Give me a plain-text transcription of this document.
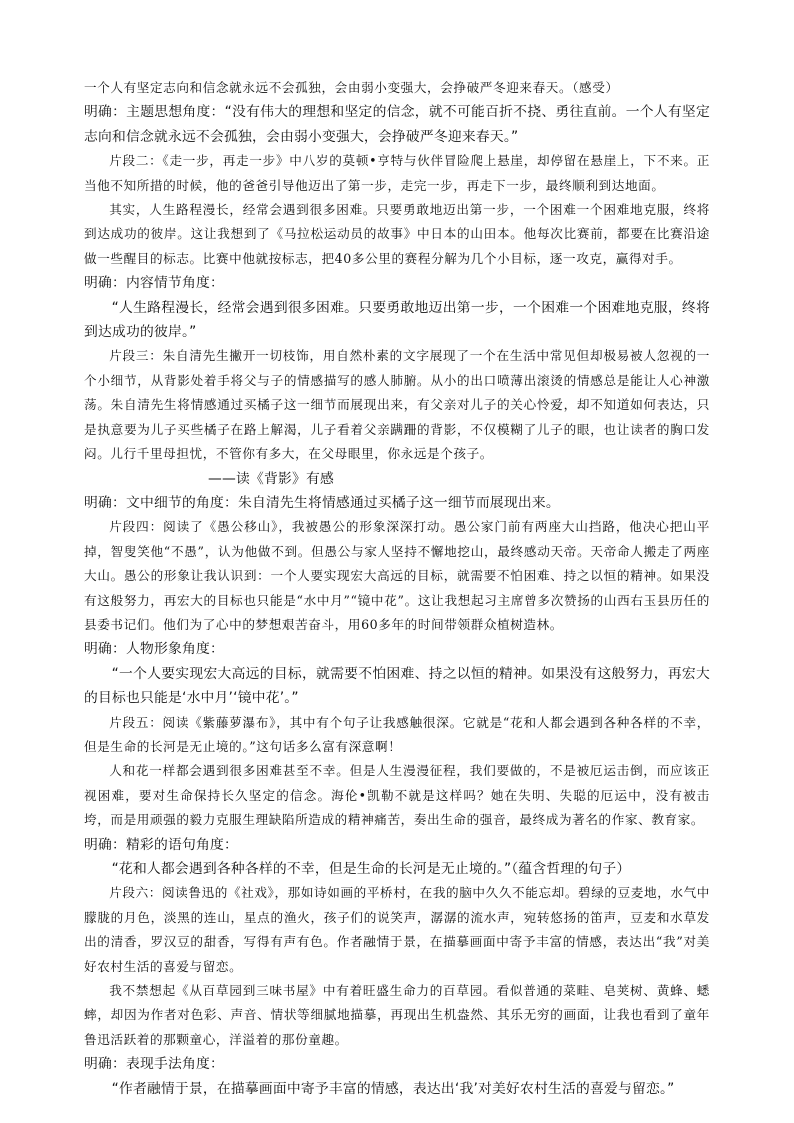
一个人有坚定志向和信念就永远不会孤独，会由弱小变强大，会挣破严冬迎来春天。（感受）

明确：主题思想角度：“没有伟大的理想和坚定的信念，就不可能百折不挠、勇往直前。一个人有坚定志向和信念就永远不会孤独，会由弱小变强大，会挣破严冬迎来春天。”

片段二：《走一步，再走一步》中八岁的莫顿•亨特与伙伴冒险爬上悬崖，却停留在悬崖上，下不来。正当他不知所措的时候，他的爸爸引导他迈出了第一步，走完一步，再走下一步，最终顺利到达地面。

其实，人生路程漫长，经常会遇到很多困难。只要勇敢地迈出第一步，一个困难一个困难地克服，终将到达成功的彼岸。这让我想到了《马拉松运动员的故事》中日本的山田本。他每次比赛前，都要在比赛沿途做一些醒目的标志。比赛中他就按标志，把40多公里的赛程分解为几个小目标，逐一攻克，赢得对手。

明确：内容情节角度：

“人生路程漫长，经常会遇到很多困难。只要勇敢地迈出第一步，一个困难一个困难地克服，终将到达成功的彼岸。”

片段三：朱自清先生撇开一切枝饰，用自然朴素的文字展现了一个在生活中常见但却极易被人忽视的一个小细节，从背影处着手将父与子的情感描写的感人肺腑。从小的出口喷薄出滚烫的情感总是能让人心神激荡。朱自清先生将情感通过买橘子这一细节而展现出来，有父亲对儿子的关心怜爱，却不知道如何表达，只是执意要为儿子买些橘子在路上解渴，儿子看着父亲蹒跚的背影，不仅模糊了儿子的眼，也让读者的胸口发闷。儿行千里母担忧，不管你有多大，在父母眼里，你永远是个孩子。

——读《背影》有感

明确：文中细节的角度：朱自清先生将情感通过买橘子这一细节而展现出来。

片段四：阅读了《愚公移山》，我被愚公的形象深深打动。愚公家门前有两座大山挡路，他决心把山平掉，智叟笑他“不愚”，认为他做不到。但愚公与家人坚持不懈地挖山，最终感动天帝。天帝命人搬走了两座大山。愚公的形象让我认识到：一个人要实现宏大高远的目标，就需要不怕困难、持之以恒的精神。如果没有这般努力，再宏大的目标也只能是“水中月”“镜中花”。这让我想起习主席曾多次赞扬的山西右玉县历任的县委书记们。他们为了心中的梦想艰苦奋斗，用60多年的时间带领群众植树造林。

明确：人物形象角度：

“一个人要实现宏大高远的目标，就需要不怕困难、持之以恒的精神。如果没有这般努力，再宏大的目标也只能是‘水中月’‘镜中花’。”

片段五：阅读《紫藤萝瀑布》，其中有个句子让我感触很深。它就是“花和人都会遇到各种各样的不幸，但是生命的长河是无止境的。”这句话多么富有深意啊！

人和花一样都会遇到很多困难甚至不幸。但是人生漫漫征程，我们要做的，不是被厄运击倒，而应该正视困难，要对生命保持长久坚定的信念。海伦•凯勒不就是这样吗？她在失明、失聪的厄运中，没有被击垮，而是用顽强的毅力克服生理缺陷所造成的精神痛苦，奏出生命的强音，最终成为著名的作家、教育家。

明确：精彩的语句角度：

“花和人都会遇到各种各样的不幸，但是生命的长河是无止境的。”（蕴含哲理的句子）

片段六：阅读鲁迅的《社戏》，那如诗如画的平桥村，在我的脑中久久不能忘却。碧绿的豆麦地，水气中朦胧的月色，淡黑的连山，星点的渔火，孩子们的说笑声，潺潺的流水声，宛转悠扬的笛声，豆麦和水草发出的清香，罗汉豆的甜香，写得有声有色。作者融情于景，在描摹画面中寄予丰富的情感，表达出“我”对美好农村生活的喜爱与留恋。

我不禁想起《从百草园到三味书屋》中有着旺盛生命力的百草园。看似普通的菜畦、皂荚树、黄蜂、蟋蟀，却因为作者对色彩、声音、情状等细腻地描摹，再现出生机盎然、其乐无穷的画面，让我也看到了童年鲁迅活跃着的那颗童心，洋溢着的那份童趣。

明确：表现手法角度：

“作者融情于景，在描摹画面中寄予丰富的情感，表达出‘我’对美好农村生活的喜爱与留恋。”
